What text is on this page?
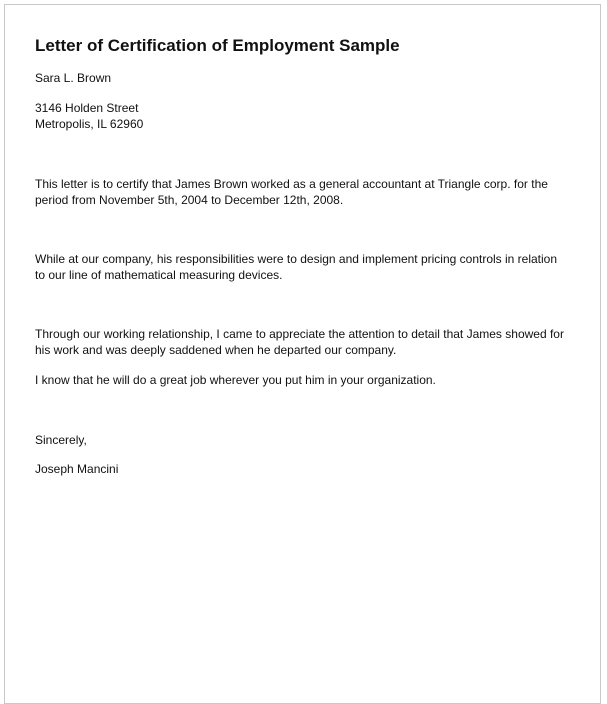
Letter of Certification of Employment Sample

Sara L. Brown

3146 Holden Street

Metropolis, IL 62960

This letter is to certify that James Brown worked as a general accountant at Triangle corp. for the period from November 5th, 2004 to December 12th, 2008.

While at our company, his responsibilities were to design and implement pricing controls in relation to our line of mathematical measuring devices.

Through our working relationship, I came to appreciate the attention to detail that James showed for his work and was deeply saddened when he departed our company.

I know that he will do a great job wherever you put him in your organization.

Sincerely,

Joseph Mancini
